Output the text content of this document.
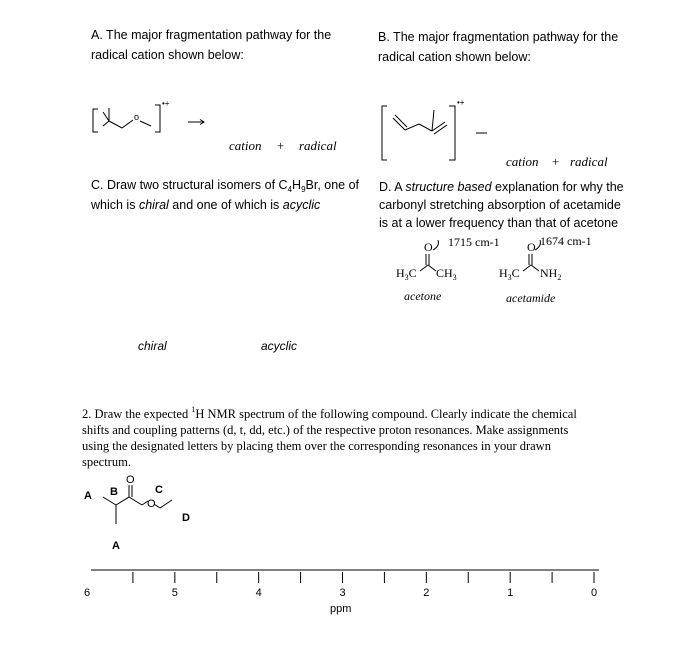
A. The major fragmentation pathway for the
radical cation shown below:
o
•+
cation + radical
B. The major fragmentation pathway for the
radical cation shown below:
•+
cation + radical
C. Draw two structural isomers of $C_4H_9Br$, one of
which is chiral and one of which is acyclic
chiral	acyclic
D. A structure based explanation for why the
carbonyl stretching absorption of acetamide
is at a lower frequency than that of acetone
1715 cm-1
O
$H_3C$ $CH_3$
acetone
1674 cm-1
O
$H_3C$ $NH_2$
acetamide
2. Draw the expected $^1$H NMR spectrum of the following compound. Clearly indicate the chemical
shifts and coupling patterns (d, t, dd, etc.) of the respective proton resonances. Make assignments
using the designated letters by placing them over the corresponding resonances in your drawn
spectrum.
A B
O
O
C
D
A
6	5	4	3	2	1	0
ppm
